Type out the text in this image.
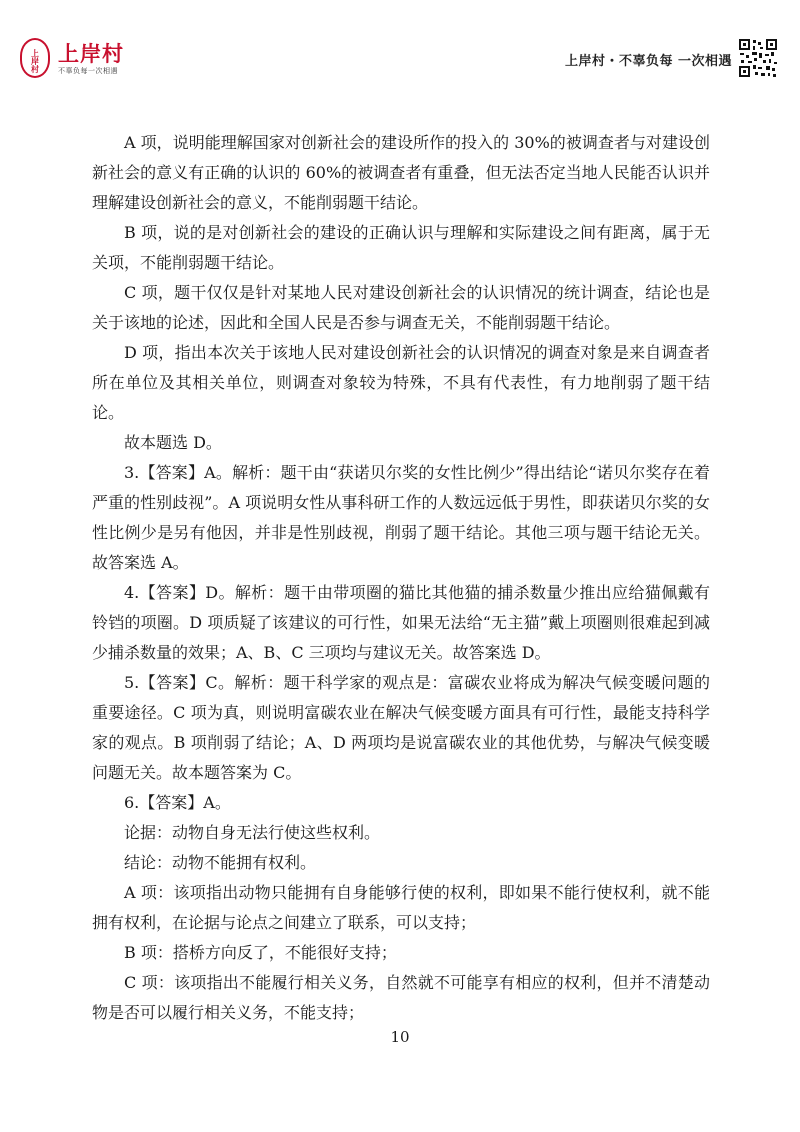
上岸村 上岸村
不辜负每一次相遇
上岸村・不辜负每 一次相遇

A 项，说明能理解国家对创新社会的建设所作的投入的 30%的被调查者与对建设创新社会的意义有正确的认识的 60%的被调查者有重叠，但无法否定当地人民能否认识并理解建设创新社会的意义，不能削弱题干结论。

B 项，说的是对创新社会的建设的正确认识与理解和实际建设之间有距离，属于无关项，不能削弱题干结论。

C 项，题干仅仅是针对某地人民对建设创新社会的认识情况的统计调查，结论也是关于该地的论述，因此和全国人民是否参与调查无关，不能削弱题干结论。

D 项，指出本次关于该地人民对建设创新社会的认识情况的调查对象是来自调查者所在单位及其相关单位，则调查对象较为特殊，不具有代表性，有力地削弱了题干结论。

故本题选 D。

3.【答案】A。解析：题干由“获诺贝尔奖的女性比例少”得出结论“诺贝尔奖存在着严重的性别歧视”。A 项说明女性从事科研工作的人数远远低于男性，即获诺贝尔奖的女性比例少是另有他因，并非是性别歧视，削弱了题干结论。其他三项与题干结论无关。故答案选 A。

4.【答案】D。解析：题干由带项圈的猫比其他猫的捕杀数量少推出应给猫佩戴有铃铛的项圈。D 项质疑了该建议的可行性，如果无法给“无主猫”戴上项圈则很难起到减少捕杀数量的效果；A、B、C 三项均与建议无关。故答案选 D。

5.【答案】C。解析：题干科学家的观点是：富碳农业将成为解决气候变暖问题的重要途径。C 项为真，则说明富碳农业在解决气候变暖方面具有可行性，最能支持科学家的观点。B 项削弱了结论；A、D 两项均是说富碳农业的其他优势，与解决气候变暖问题无关。故本题答案为 C。

6.【答案】A。

论据：动物自身无法行使这些权利。

结论：动物不能拥有权利。

A 项：该项指出动物只能拥有自身能够行使的权利，即如果不能行使权利，就不能拥有权利，在论据与论点之间建立了联系，可以支持；

B 项：搭桥方向反了，不能很好支持；

C 项：该项指出不能履行相关义务，自然就不可能享有相应的权利，但并不清楚动物是否可以履行相关义务，不能支持；

10
